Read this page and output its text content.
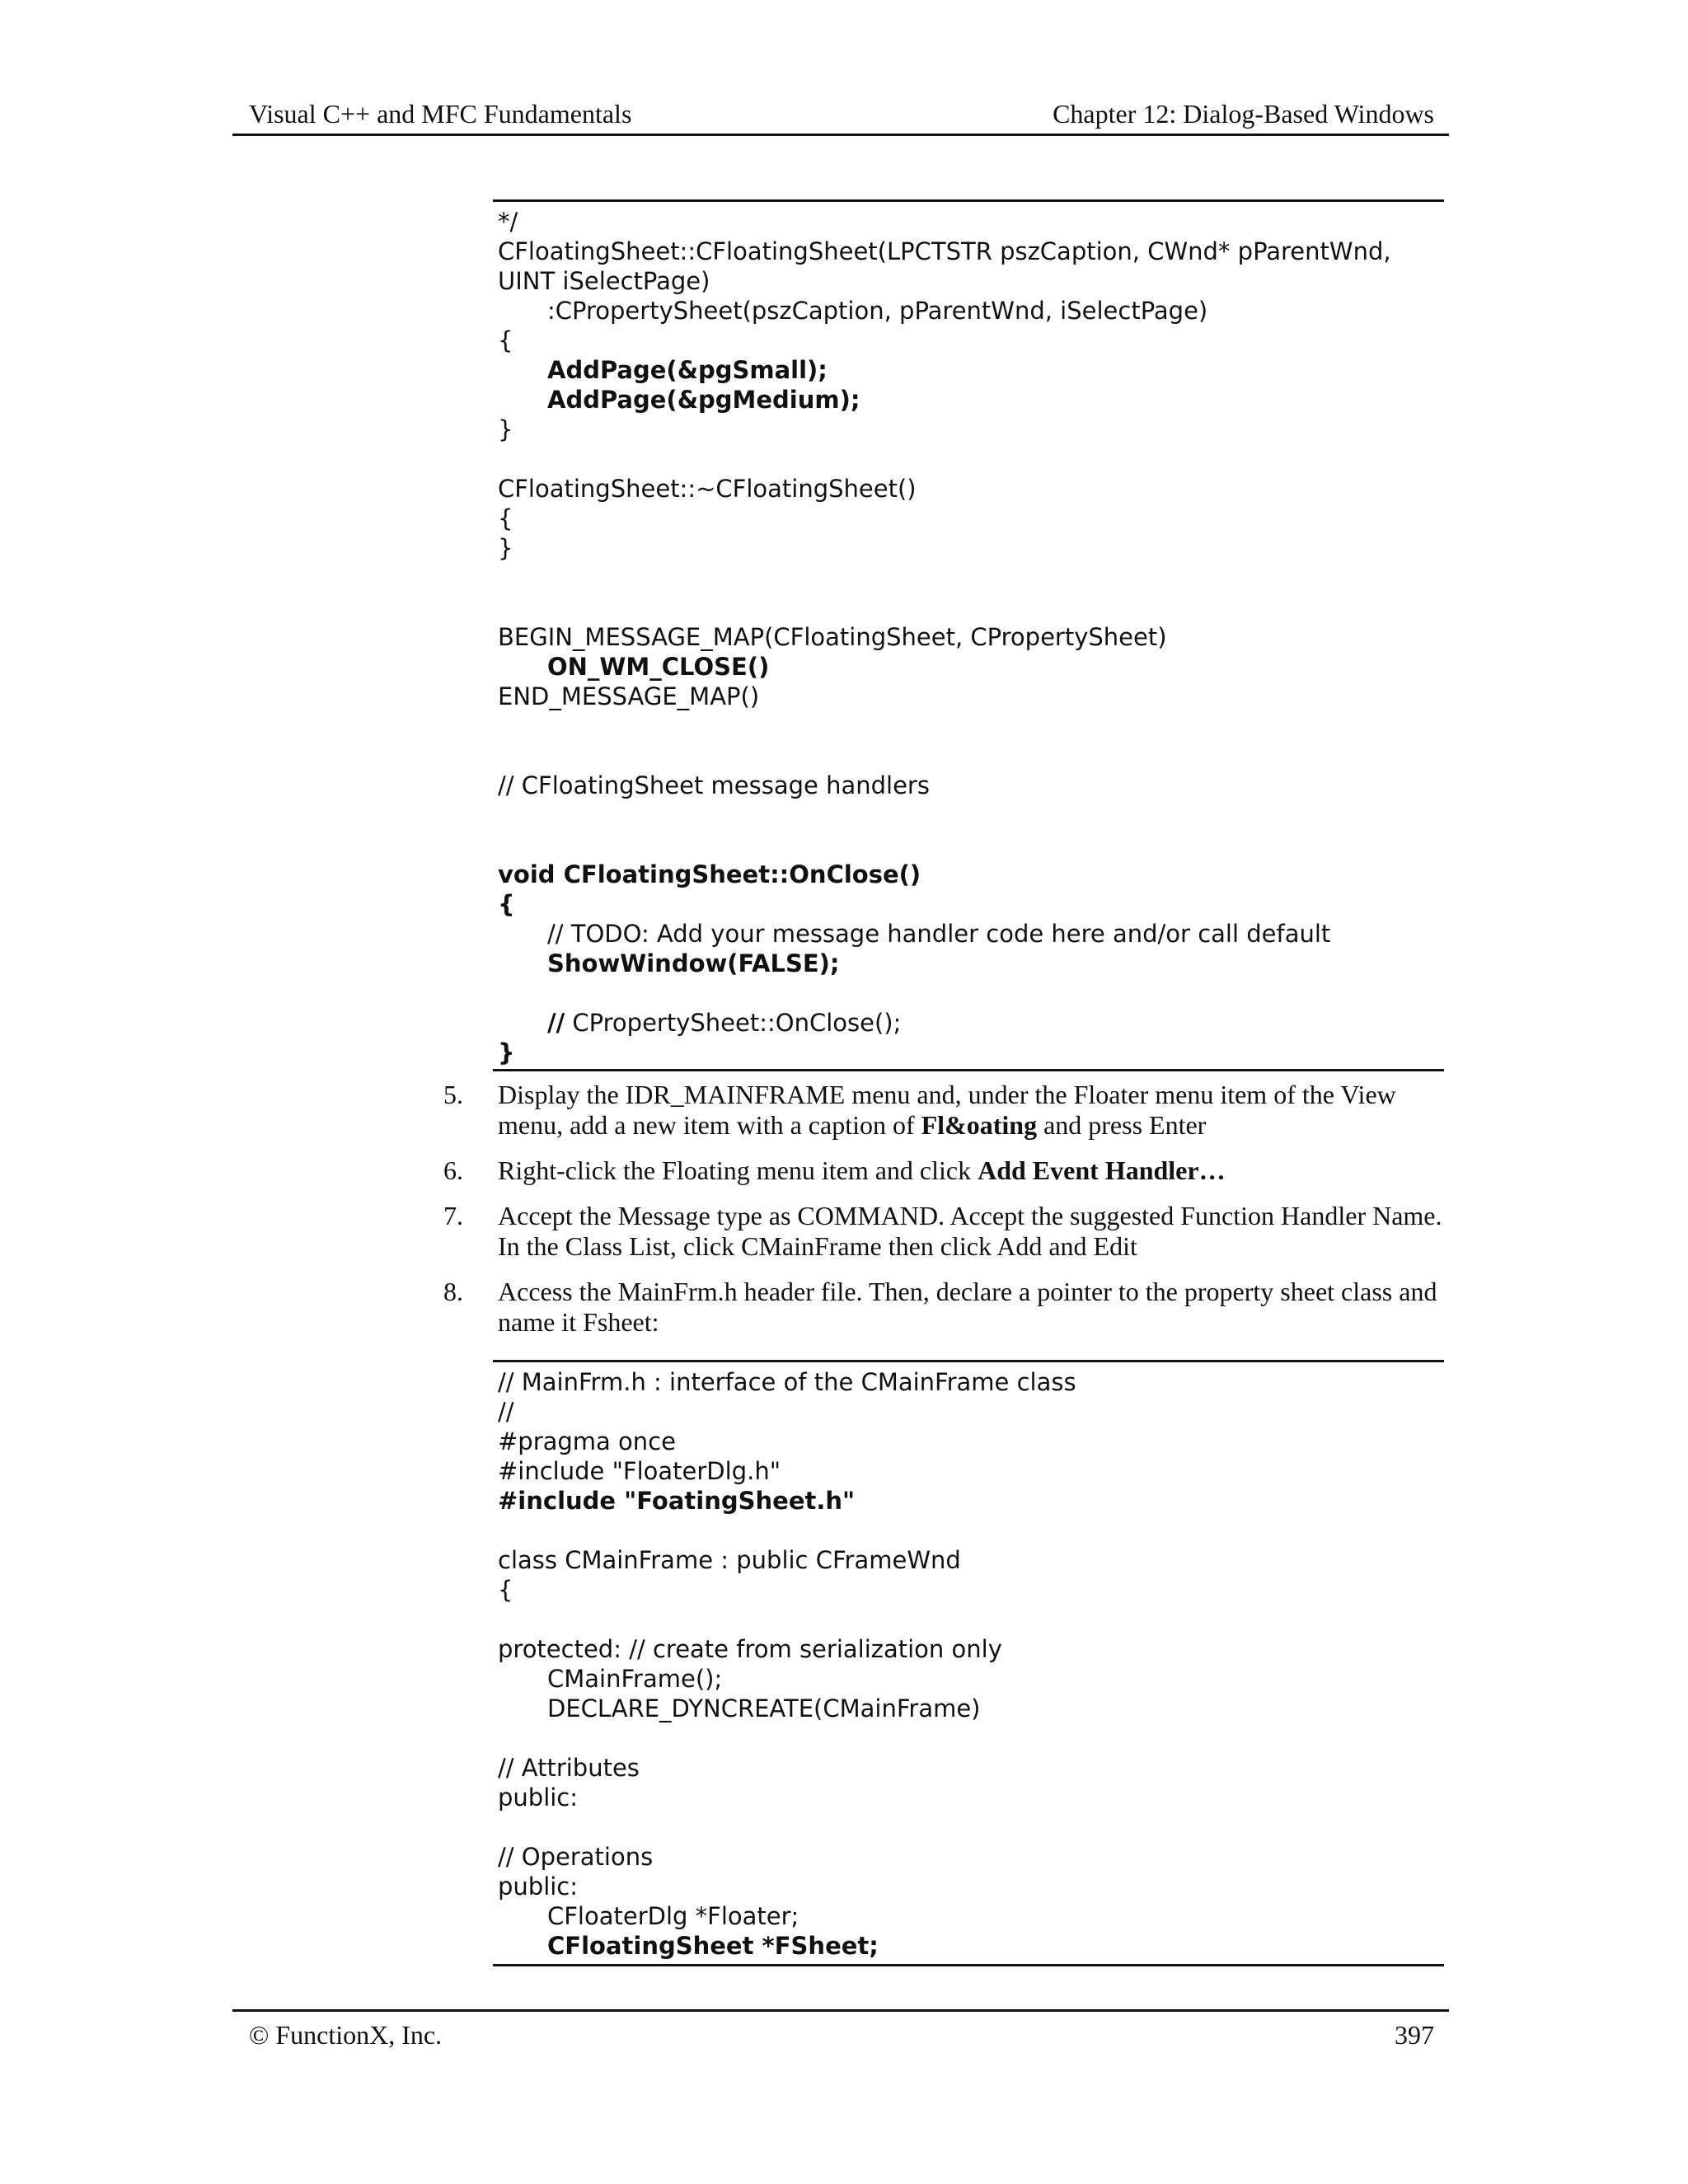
Visual C++ and MFC Fundamentals	Chapter 12: Dialog-Based Windows
*/
CFloatingSheet::CFloatingSheet(LPCTSTR pszCaption, CWnd* pParentWnd, UINT iSelectPage)
:CPropertySheet(pszCaption, pParentWnd, iSelectPage)
{
AddPage(&pgSmall);
AddPage(&pgMedium);
}
CFloatingSheet::~CFloatingSheet()
{
}
BEGIN_MESSAGE_MAP(CFloatingSheet, CPropertySheet)
ON_WM_CLOSE()
END_MESSAGE_MAP()
// CFloatingSheet message handlers
void CFloatingSheet::OnClose()
{
// TODO: Add your message handler code here and/or call default
ShowWindow(FALSE);
// CPropertySheet::OnClose();
}
5. Display the IDR_MAINFRAME menu and, under the Floater menu item of the View menu, add a new item with a caption of Fl&oating and press Enter
6. Right-click the Floating menu item and click Add Event Handler…
7. Accept the Message type as COMMAND. Accept the suggested Function Handler Name. In the Class List, click CMainFrame then click Add and Edit
8. Access the MainFrm.h header file. Then, declare a pointer to the property sheet class and name it Fsheet:
// MainFrm.h : interface of the CMainFrame class
//
#pragma once
#include "FloaterDlg.h"
#include "FoatingSheet.h"
class CMainFrame : public CFrameWnd
{
protected: // create from serialization only
CMainFrame();
DECLARE_DYNCREATE(CMainFrame)
// Attributes
public:
// Operations
public:
CFloaterDlg *Floater;
CFloatingSheet *FSheet;
© FunctionX, Inc.	397
